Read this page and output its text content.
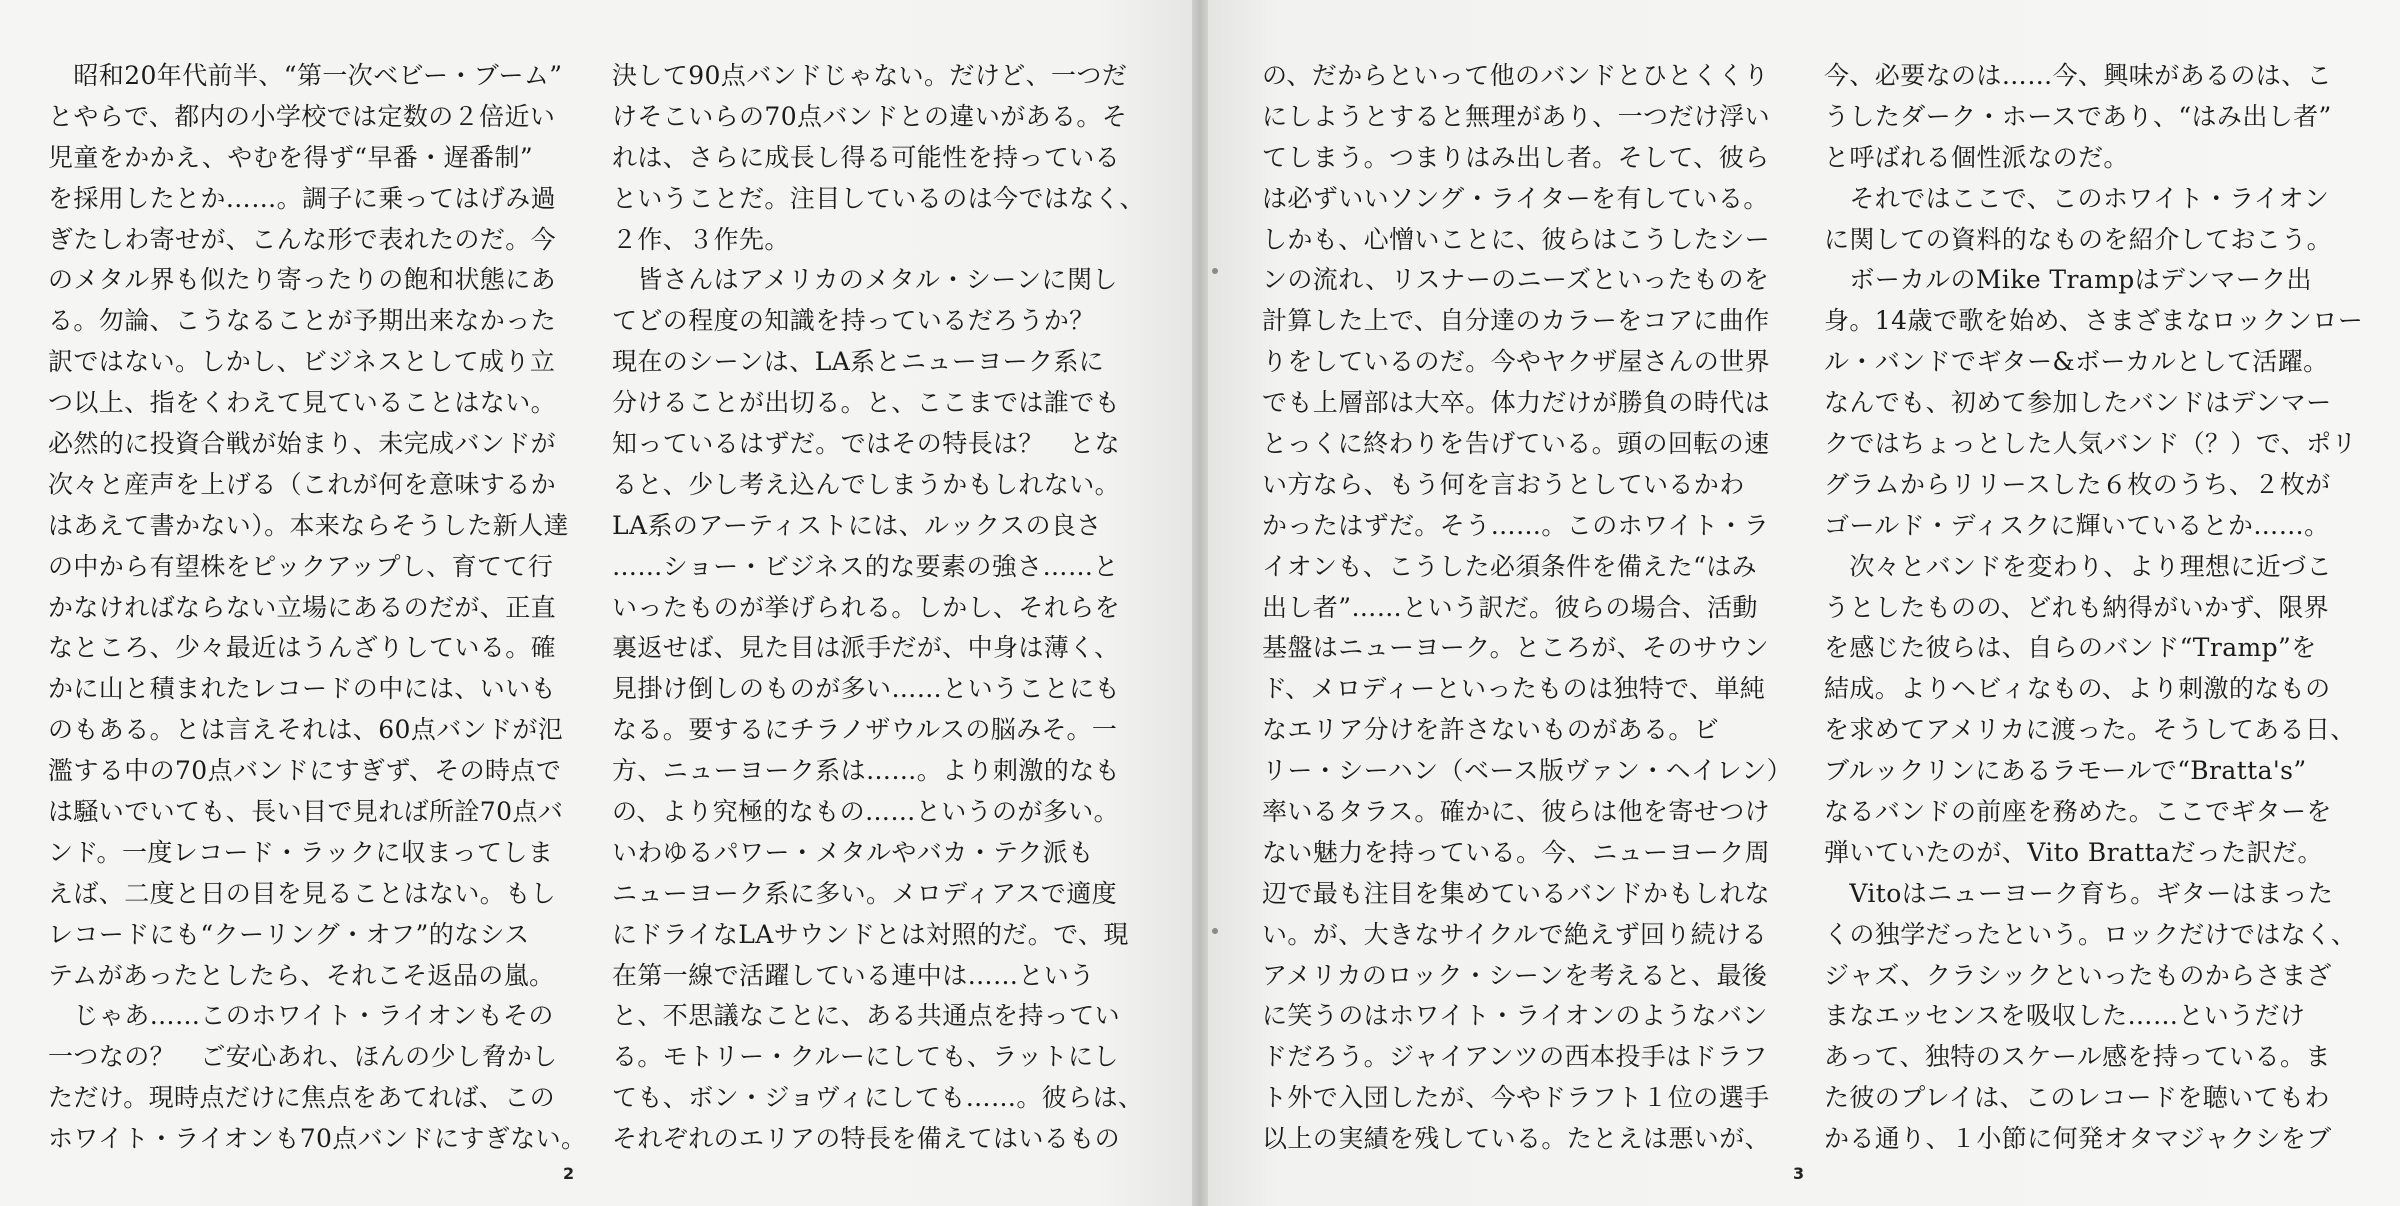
　昭和20年代前半、“第一次ベビー・ブーム”
とやらで、都内の小学校では定数の２倍近い
児童をかかえ、やむを得ず“早番・遅番制”
を採用したとか……。調子に乗ってはげみ過
ぎたしわ寄せが、こんな形で表れたのだ。今
のメタル界も似たり寄ったりの飽和状態にあ
る。勿論、こうなることが予期出来なかった
訳ではない。しかし、ビジネスとして成り立
つ以上、指をくわえて見ていることはない。
必然的に投資合戦が始まり、未完成バンドが
次々と産声を上げる（これが何を意味するか
はあえて書かない）。本来ならそうした新人達
の中から有望株をピックアップし、育てて行
かなければならない立場にあるのだが、正直
なところ、少々最近はうんざりしている。確
かに山と積まれたレコードの中には、いいも
のもある。とは言えそれは、60点バンドが氾
濫する中の70点バンドにすぎず、その時点で
は騒いでいても、長い目で見れば所詮70点バ
ンド。一度レコード・ラックに収まってしま
えば、二度と日の目を見ることはない。もし
レコードにも“クーリング・オフ”的なシス
テムがあったとしたら、それこそ返品の嵐。
　じゃあ……このホワイト・ライオンもその
一つなの？　ご安心あれ、ほんの少し脅かし
ただけ。現時点だけに焦点をあてれば、この
ホワイト・ライオンも70点バンドにすぎない。
決して90点バンドじゃない。だけど、一つだ
けそこいらの70点バンドとの違いがある。そ
れは、さらに成長し得る可能性を持っている
ということだ。注目しているのは今ではなく、
２作、３作先。
　皆さんはアメリカのメタル・シーンに関し
てどの程度の知識を持っているだろうか？
現在のシーンは、LA系とニューヨーク系に
分けることが出切る。と、ここまでは誰でも
知っているはずだ。ではその特長は？　とな
ると、少し考え込んでしまうかもしれない。
LA系のアーティストには、ルックスの良さ
……ショー・ビジネス的な要素の強さ……と
いったものが挙げられる。しかし、それらを
裏返せば、見た目は派手だが、中身は薄く、
見掛け倒しのものが多い……ということにも
なる。要するにチラノザウルスの脳みそ。一
方、ニューヨーク系は……。より刺激的なも
の、より究極的なもの……というのが多い。
いわゆるパワー・メタルやバカ・テク派も
ニューヨーク系に多い。メロディアスで適度
にドライなLAサウンドとは対照的だ。で、現
在第一線で活躍している連中は……という
と、不思議なことに、ある共通点を持ってい
る。モトリー・クルーにしても、ラットにし
ても、ボン・ジョヴィにしても……。彼らは、
それぞれのエリアの特長を備えてはいるもの
2
の、だからといって他のバンドとひとくくり
にしようとすると無理があり、一つだけ浮い
てしまう。つまりはみ出し者。そして、彼ら
は必ずいいソング・ライターを有している。
しかも、心憎いことに、彼らはこうしたシー
ンの流れ、リスナーのニーズといったものを
計算した上で、自分達のカラーをコアに曲作
りをしているのだ。今やヤクザ屋さんの世界
でも上層部は大卒。体力だけが勝負の時代は
とっくに終わりを告げている。頭の回転の速
い方なら、もう何を言おうとしているかわ
かったはずだ。そう……。このホワイト・ラ
イオンも、こうした必須条件を備えた“はみ
出し者”……という訳だ。彼らの場合、活動
基盤はニューヨーク。ところが、そのサウン
ド、メロディーといったものは独特で、単純
なエリア分けを許さないものがある。ビ
リー・シーハン（ベース版ヴァン・ヘイレン）
率いるタラス。確かに、彼らは他を寄せつけ
ない魅力を持っている。今、ニューヨーク周
辺で最も注目を集めているバンドかもしれな
い。が、大きなサイクルで絶えず回り続ける
アメリカのロック・シーンを考えると、最後
に笑うのはホワイト・ライオンのようなバン
ドだろう。ジャイアンツの西本投手はドラフ
ト外で入団したが、今やドラフト１位の選手
以上の実績を残している。たとえは悪いが、
今、必要なのは……今、興味があるのは、こ
うしたダーク・ホースであり、“はみ出し者”
と呼ばれる個性派なのだ。
　それではここで、このホワイト・ライオン
に関しての資料的なものを紹介しておこう。
　ボーカルのMike Trampはデンマーク出
身。14歳で歌を始め、さまざまなロックンロー
ル・バンドでギター&ボーカルとして活躍。
なんでも、初めて参加したバンドはデンマー
クではちょっとした人気バンド（？）で、ポリ
グラムからリリースした６枚のうち、２枚が
ゴールド・ディスクに輝いているとか……。
　次々とバンドを変わり、より理想に近づこ
うとしたものの、どれも納得がいかず、限界
を感じた彼らは、自らのバンド“Tramp”を
結成。よりヘビィなもの、より刺激的なもの
を求めてアメリカに渡った。そうしてある日、
ブルックリンにあるラモールで“Bratta's”
なるバンドの前座を務めた。ここでギターを
弾いていたのが、Vito Brattaだった訳だ。
　Vitoはニューヨーク育ち。ギターはまった
くの独学だったという。ロックだけではなく、
ジャズ、クラシックといったものからさまざ
まなエッセンスを吸収した……というだけ
あって、独特のスケール感を持っている。ま
た彼のプレイは、このレコードを聴いてもわ
かる通り、１小節に何発オタマジャクシをブ
3
